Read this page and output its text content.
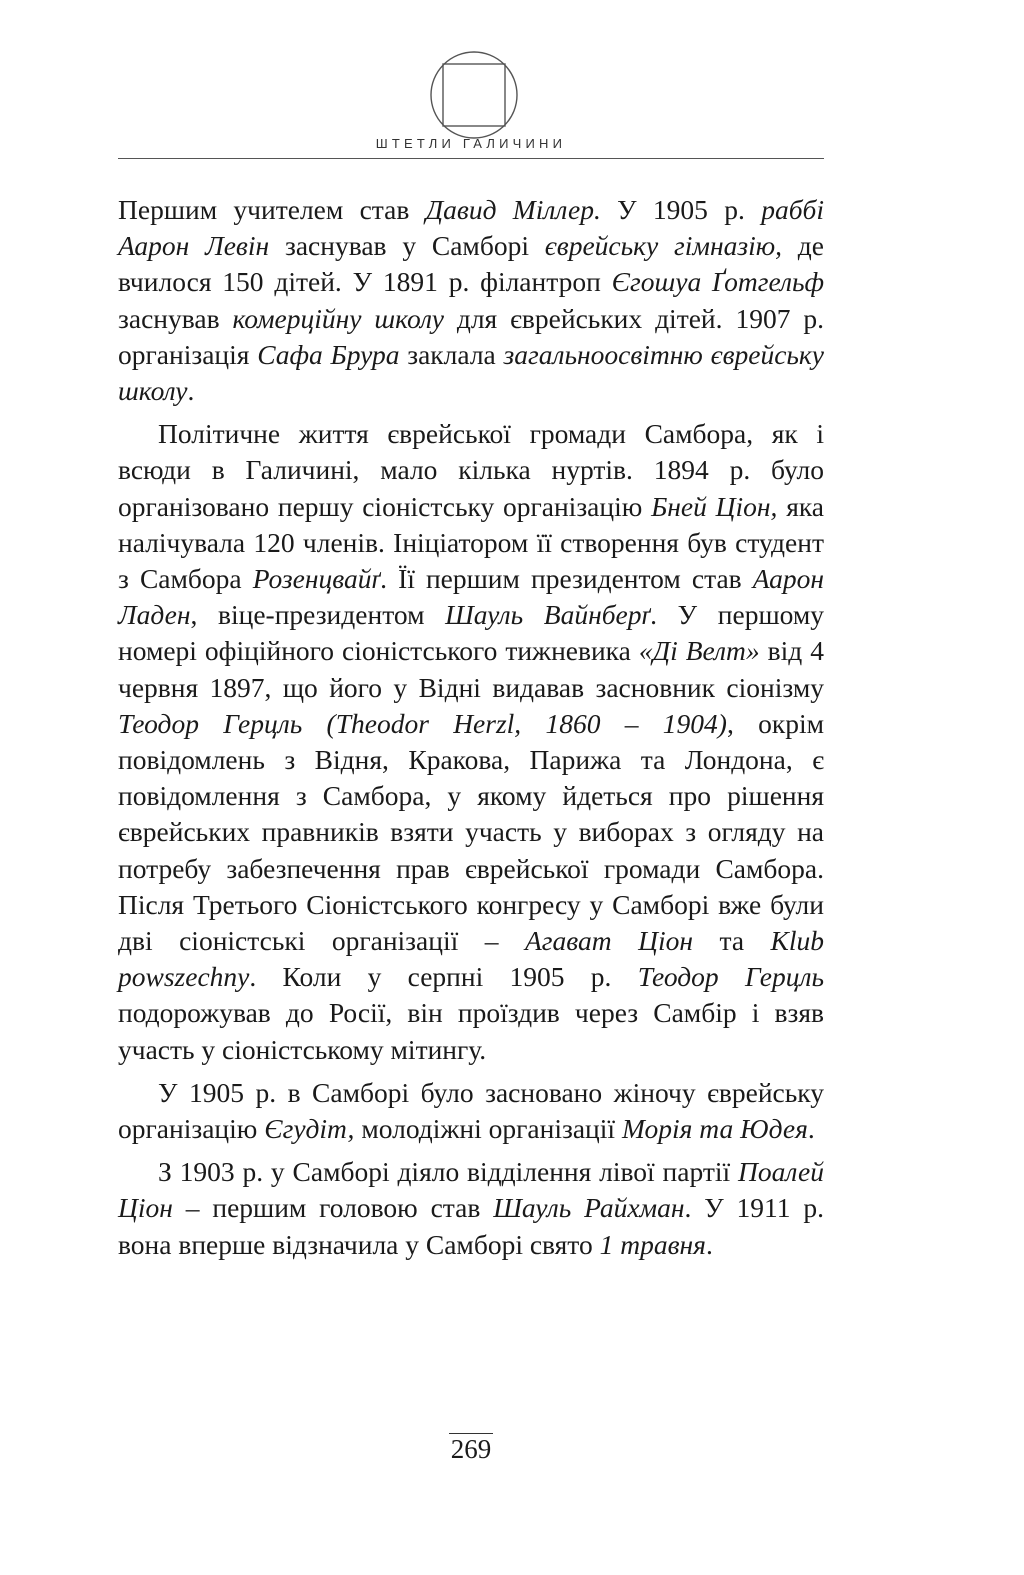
ШТЕТЛИ ГАЛИЧИНИ

Першим учителем став Давид Міллер. У 1905 р. раббі Аарон Левін заснував у Самборі єврейську гімназію, де вчилося 150 дітей. У 1891 р. філантроп Єгошуа Ґотгельф заснував комерційну школу для єврейських дітей. 1907 р. організація Сафа Брура заклала загальноосвітню єврейську школу.

Політичне життя єврейської громади Самбора, як і всюди в Галичині, мало кілька нуртів. 1894 р. було організовано першу сіоністську організацію Бней Ціон, яка налічувала 120 членів. Ініціатором її створення був студент з Самбора Розенцвайґ. Її першим президентом став Аарон Ладен, віце-президентом Шауль Вайнберґ. У першому номері офіційного сіоністського тижневика «Ді Велт» від 4 червня 1897, що його у Відні видавав засновник сіонізму Теодор Герцль (Theodor Herzl, 1860 – 1904), окрім повідомлень з Відня, Кракова, Парижа та Лондона, є повідомлення з Самбора, у якому йдеться про рішення єврейських правників взяти участь у виборах з огляду на потребу забезпечення прав єврейської громади Самбора. Після Третього Сіоністського конгресу у Самборі вже були дві сіоністські організації – Агават Ціон та Klub powszechny. Коли у серпні 1905 р. Теодор Герцль подорожував до Росії, він проїздив через Самбір і взяв участь у сіоністському мітингу.

У 1905 р. в Самборі було засновано жіночу єврейську організацію Єгудіт, молодіжні організації Морія та Юдея.

З 1903 р. у Самборі діяло відділення лівої партії Поалей Ціон – першим головою став Шауль Райхман. У 1911 р. вона вперше відзначила у Самборі свято 1 травня.

269
